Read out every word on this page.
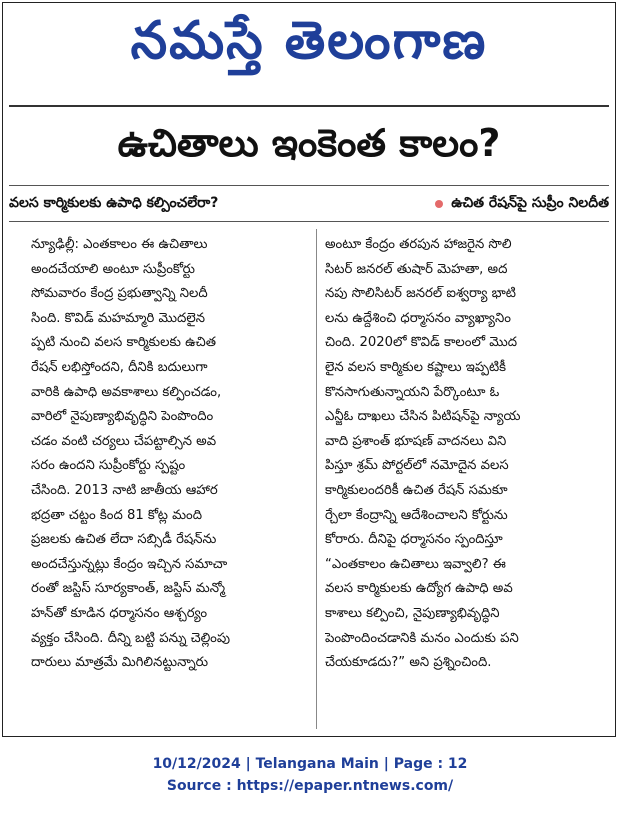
నమస్తే తెలంగాణ
ఉచితాలు ఇంకెంత కాలం?
వలస కార్మికులకు ఉపాధి కల్పించలేరా?	ఉచిత రేషన్‌పై సుప్రీం నిలదీత
న్యూఢిల్లీ: ఎంతకాలం ఈ ఉచితాలు
అందచేయాలి అంటూ సుప్రీంకోర్టు
సోమవారం కేంద్ర ప్రభుత్వాన్ని నిలదీ
సింది. కొవిడ్ మహమ్మారి మొదలైన
ప్పటి నుంచి వలస కార్మికులకు ఉచిత
రేషన్ లభిస్తోందని, దీనికి బదులుగా
వారికి ఉపాధి అవకాశాలు కల్పించడం,
వారిలో నైపుణ్యాభివృద్ధిని పెంపొందిం
చడం వంటి చర్యలు చేపట్టాల్సిన అవ
సరం ఉందని సుప్రీంకోర్టు స్పష్టం
చేసింది. 2013 నాటి జాతీయ ఆహార
భద్రతా చట్టం కింద 81 కోట్ల మంది
ప్రజలకు ఉచిత లేదా సబ్సిడీ రేషన్‌ను
అందచేస్తున్నట్లు కేంద్రం ఇచ్చిన సమాచా
రంతో జస్టిస్ సూర్యకాంత్, జస్టిస్ మన్మో
హన్‌తో కూడిన ధర్మాసనం ఆశ్చర్యం
వ్యక్తం చేసింది. దీన్ని బట్టి పన్ను చెల్లింపు
దారులు మాత్రమే మిగిలినట్టున్నారు
అంటూ కేంద్రం తరపున హాజరైన సొలి
సిటర్ జనరల్ తుషార్ మెహతా, అద
నపు సొలిసిటర్ జనరల్ ఐశ్వర్యా భాటి
లను ఉద్దేశించి ధర్మాసనం వ్యాఖ్యానిం
చింది. 2020లో కొవిడ్ కాలంలో మొద
లైన వలస కార్మికుల కష్టాలు ఇప్పటికీ
కొనసాగుతున్నాయని పేర్కొంటూ ఓ
ఎన్జీఓ దాఖలు చేసిన పిటిషన్‌పై న్యాయ
వాది ప్రశాంత్ భూషణ్ వాదనలు విని
పిస్తూ శ్రమ్ పోర్టల్‌లో నమోదైన వలస
కార్మికులందరికీ ఉచిత రేషన్ సమకూ
ర్చేలా కేంద్రాన్ని ఆదేశించాలని కోర్టును
కోరారు. దీనిపై ధర్మాసనం స్పందిస్తూ
“ఎంతకాలం ఉచితాలు ఇవ్వాలి? ఈ
వలస కార్మికులకు ఉద్యోగ ఉపాధి అవ
కాశాలు కల్పించి, నైపుణ్యాభివృద్ధిని
పెంపొందించడానికి మనం ఎందుకు పని
చేయకూడదు?” అని ప్రశ్నించింది.
10/12/2024 | Telangana Main | Page : 12
Source : https://epaper.ntnews.com/
